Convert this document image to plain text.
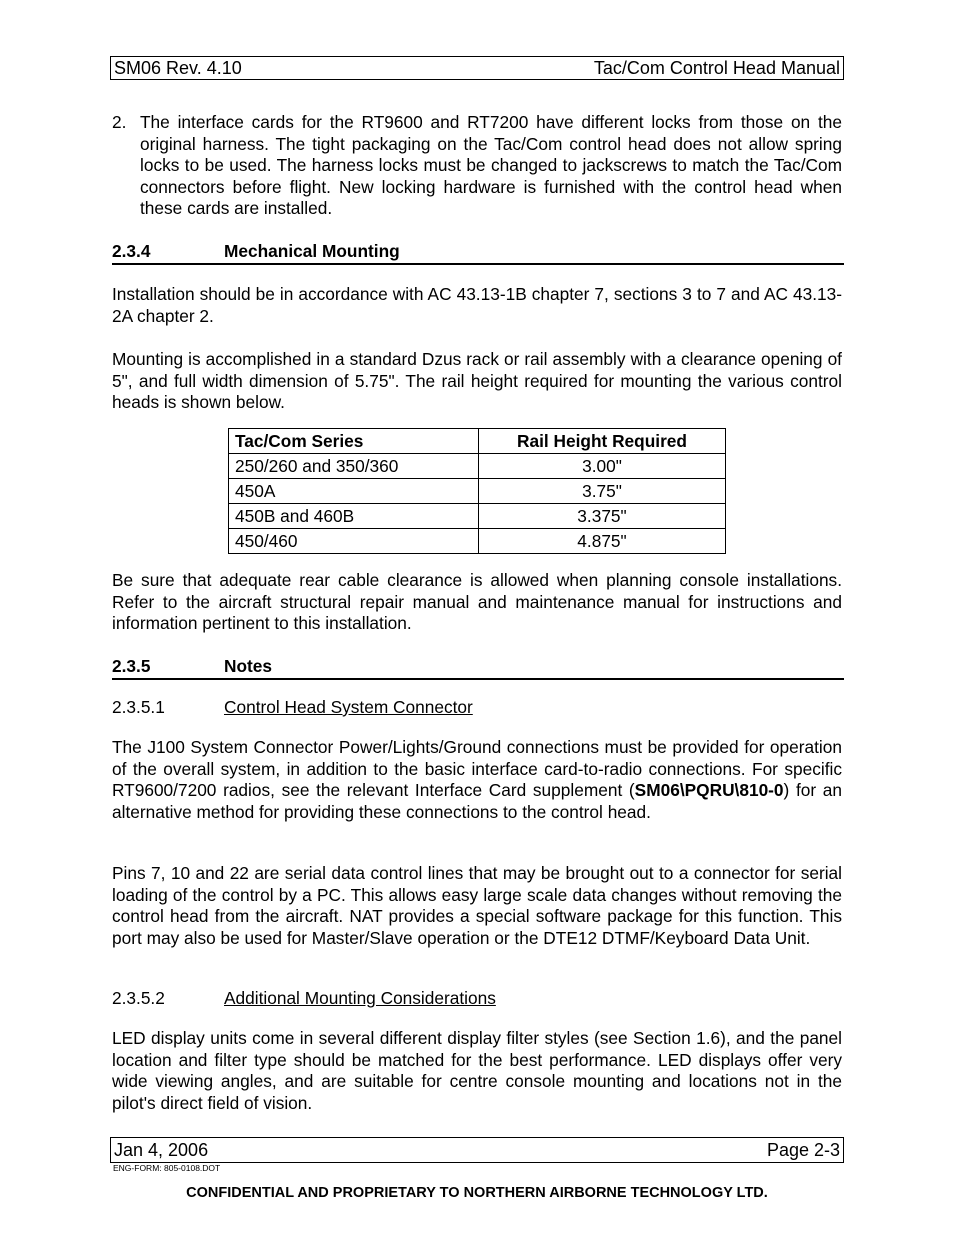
SM06 Rev. 4.10	Tac/Com Control Head Manual
2. The interface cards for the RT9600 and RT7200 have different locks from those on the original harness. The tight packaging on the Tac/Com control head does not allow spring locks to be used. The harness locks must be changed to jackscrews to match the Tac/Com connectors before flight. New locking hardware is furnished with the control head when these cards are installed.
2.3.4	Mechanical Mounting
Installation should be in accordance with AC 43.13-1B chapter 7, sections 3 to 7 and AC 43.13-2A chapter 2.
Mounting is accomplished in a standard Dzus rack or rail assembly with a clearance opening of 5", and full width dimension of 5.75". The rail height required for mounting the various control heads is shown below.
Tac/Com Series	Rail Height Required
250/260 and 350/360	3.00"
450A	3.75"
450B and 460B	3.375"
450/460	4.875"
Be sure that adequate rear cable clearance is allowed when planning console installations. Refer to the aircraft structural repair manual and maintenance manual for instructions and information pertinent to this installation.
2.3.5	Notes
2.3.5.1	Control Head System Connector
The J100 System Connector Power/Lights/Ground connections must be provided for operation of the overall system, in addition to the basic interface card-to-radio connections. For specific RT9600/7200 radios, see the relevant Interface Card supplement (SM06\PQRU\810-0) for an alternative method for providing these connections to the control head.
Pins 7, 10 and 22 are serial data control lines that may be brought out to a connector for serial loading of the control by a PC. This allows easy large scale data changes without removing the control head from the aircraft. NAT provides a special software package for this function. This port may also be used for Master/Slave operation or the DTE12 DTMF/Keyboard Data Unit.
2.3.5.2	Additional Mounting Considerations
LED display units come in several different display filter styles (see Section 1.6), and the panel location and filter type should be matched for the best performance. LED displays offer very wide viewing angles, and are suitable for centre console mounting and locations not in the pilot's direct field of vision.
Jan 4, 2006	Page 2-3
ENG-FORM: 805-0108.DOT
CONFIDENTIAL AND PROPRIETARY TO NORTHERN AIRBORNE TECHNOLOGY LTD.
